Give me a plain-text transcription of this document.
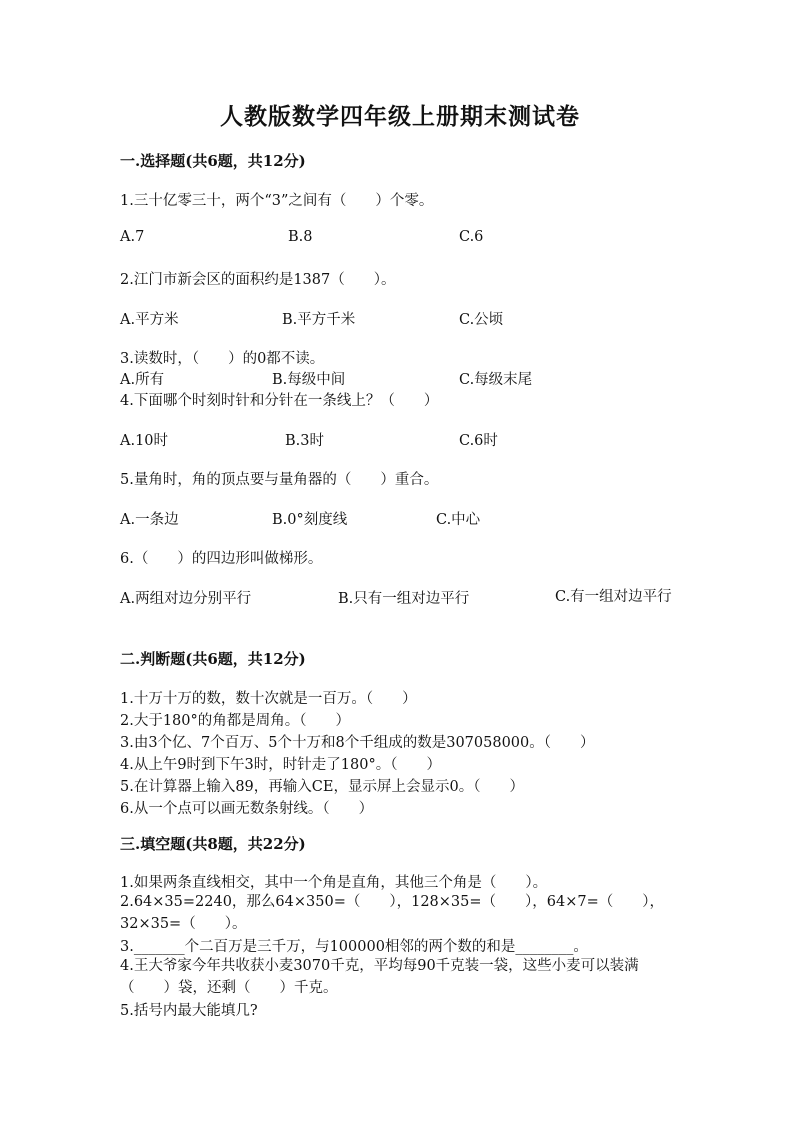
人教版数学四年级上册期末测试卷
一.选择题(共6题，共12分)
1.三十亿零三十，两个“3”之间有（　　）个零。
A.7	B.8	C.6
2.江门市新会区的面积约是1387（　　）。
A.平方米	B.平方千米	C.公顷
3.读数时，（　　）的0都不读。
A.所有	B.每级中间	C.每级末尾
4.下面哪个时刻时针和分针在一条线上？（　　）
A.10时	B.3时	C.6时
5.量角时，角的顶点要与量角器的（　　）重合。
A.一条边	B.0°刻度线	C.中心
6.（　　）的四边形叫做梯形。
A.两组对边分别平行	B.只有一组对边平行	C.有一组对边平行
二.判断题(共6题，共12分)
1.十万十万的数，数十次就是一百万。（　　）
2.大于180°的角都是周角。（　　）
3.由3个亿、7个百万、5个十万和8个千组成的数是307058000。（　　）
4.从上午9时到下午3时，时针走了180°。（　　）
5.在计算器上输入89，再输入CE，显示屏上会显示0。（　　）
6.从一个点可以画无数条射线。（　　）
三.填空题(共8题，共22分)
1.如果两条直线相交，其中一个角是直角，其他三个角是（　　）。
2.64×35=2240，那么64×350=（　　），128×35=（　　），64×7=（　　），32×35=（　　）。
3._______个二百万是三千万，与100000相邻的两个数的和是________。
4.王大爷家今年共收获小麦3070千克，平均每90千克装一袋，这些小麦可以装满（　　）袋，还剩（　　）千克。
5.括号内最大能填几?
